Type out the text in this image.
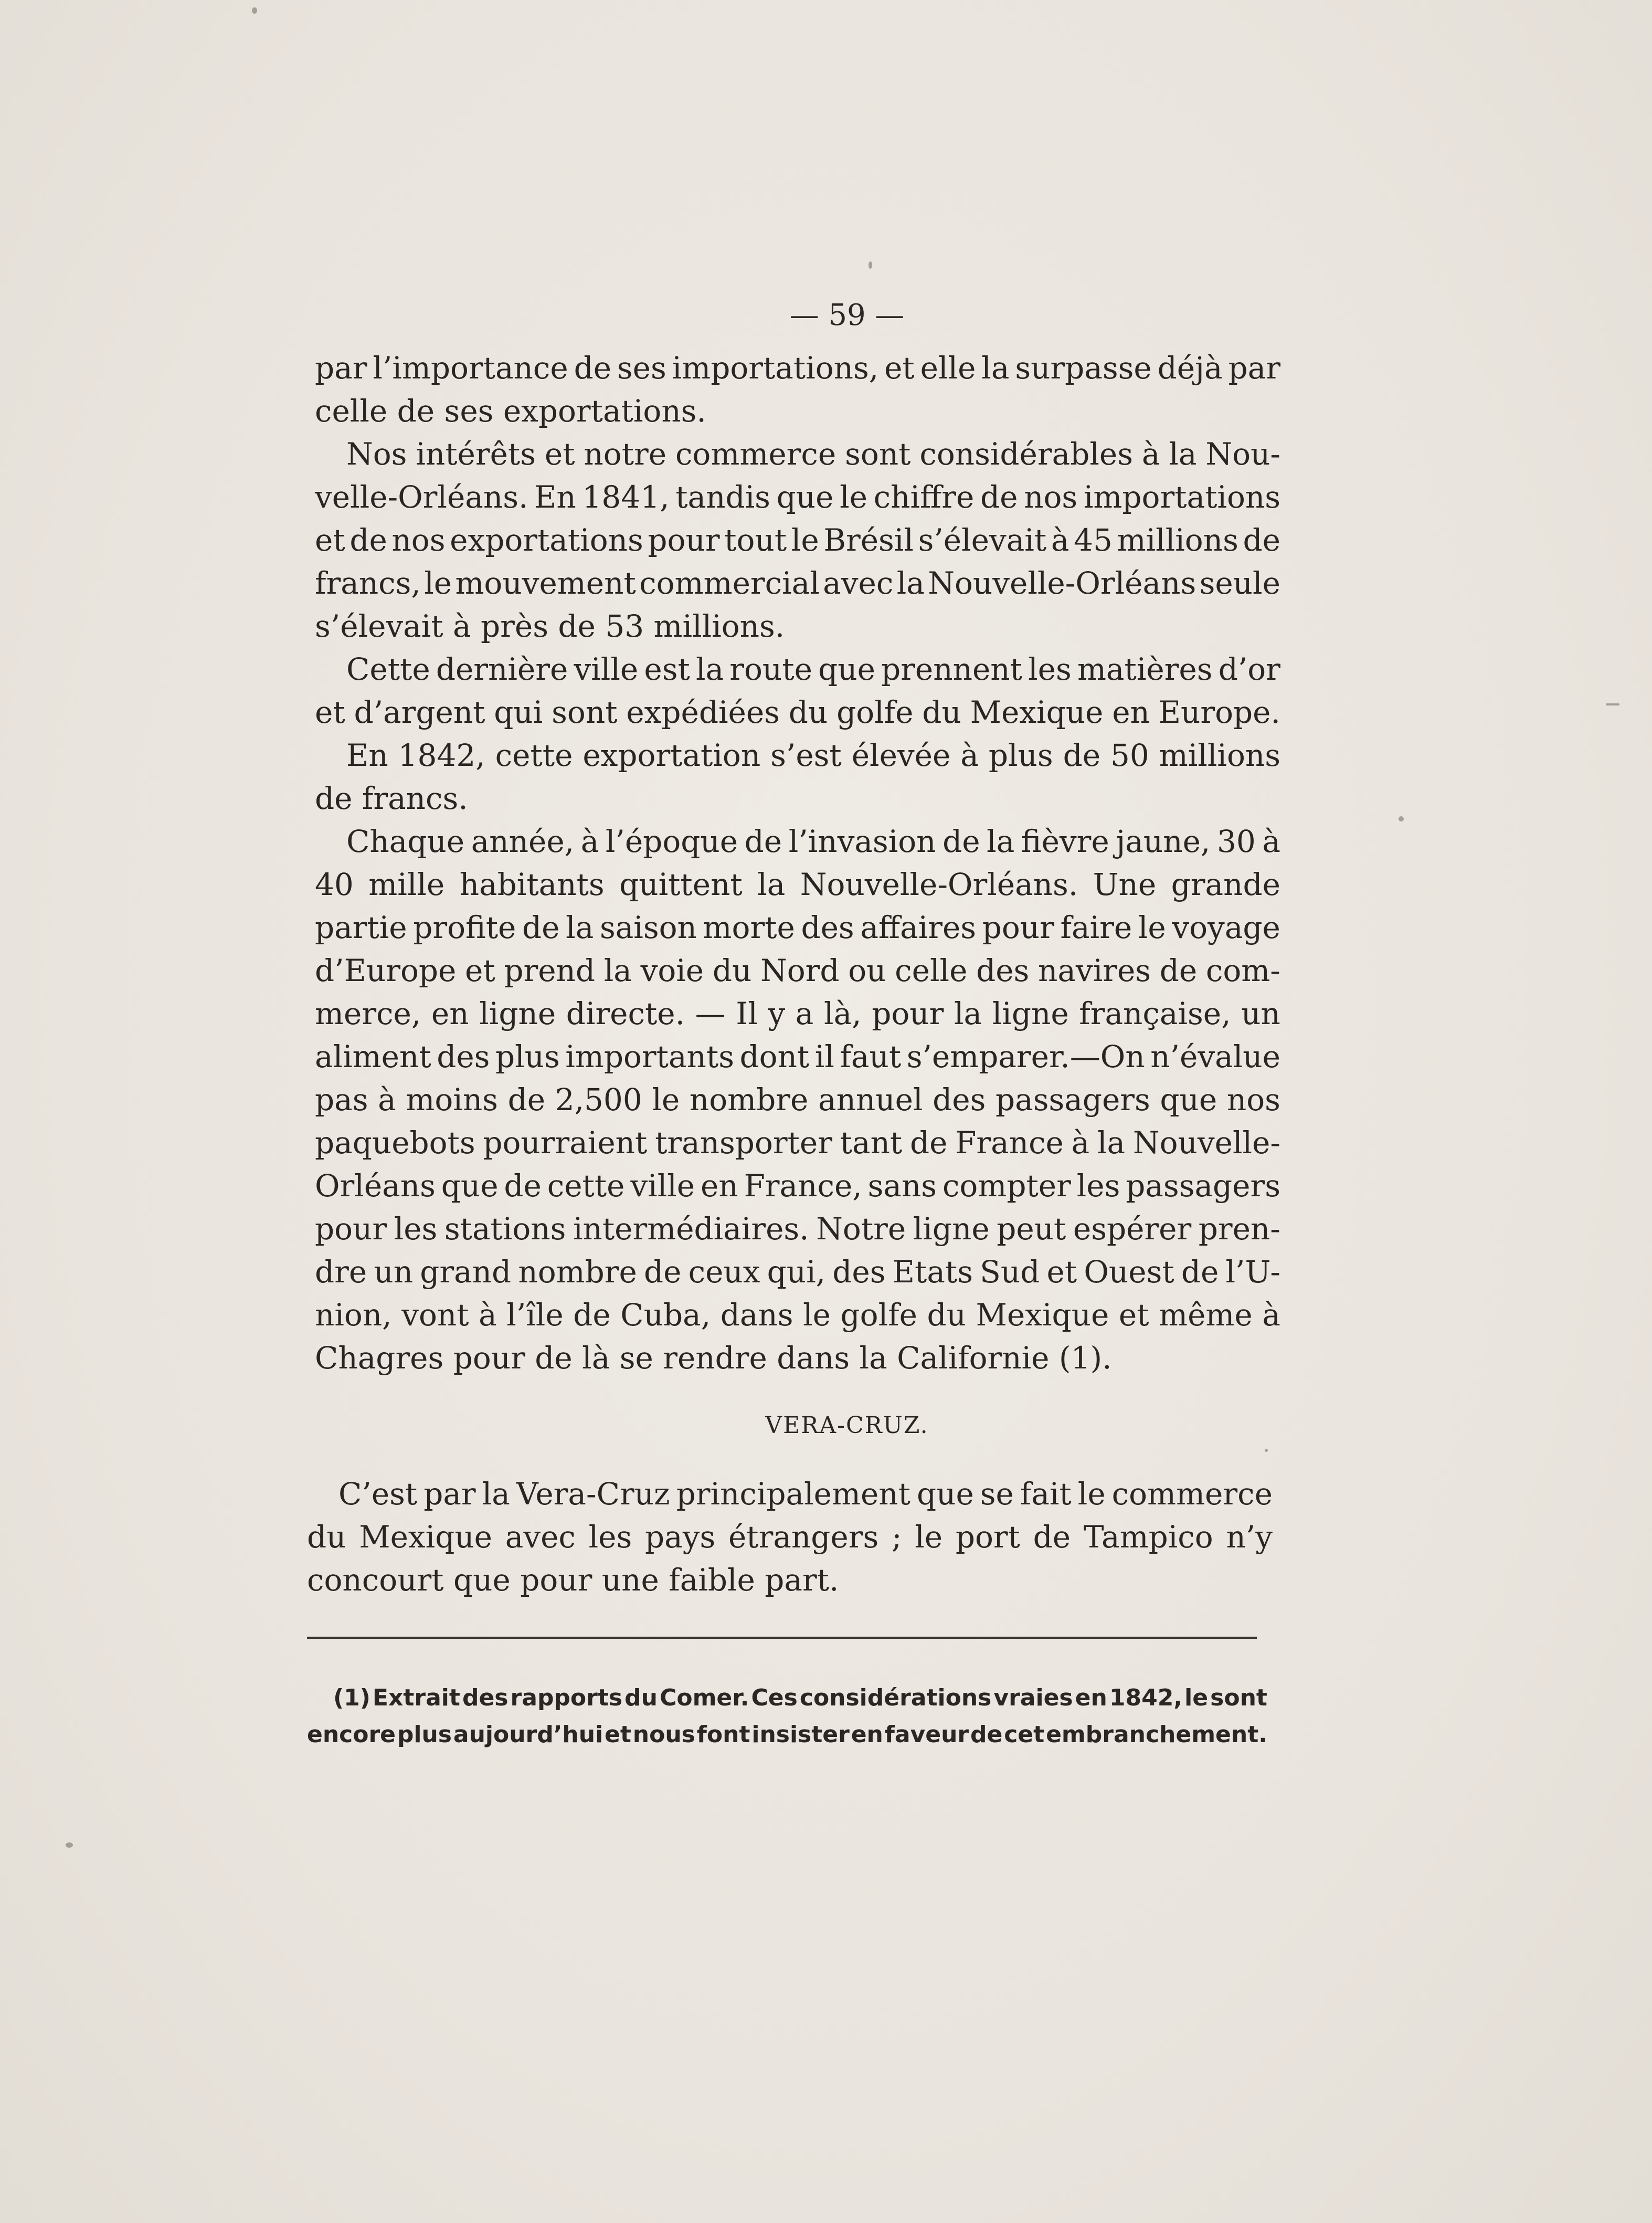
— 59 —
par l’importance de ses importations, et elle la surpasse déjà par
celle de ses exportations.
Nos intérêts et notre commerce sont considérables à la Nou-
velle-Orléans. En 1841, tandis que le chiffre de nos importations
et de nos exportations pour tout le Brésil s’élevait à 45 millions de
francs, le mouvement commercial avec la Nouvelle-Orléans seule
s’élevait à près de 53 millions.
Cette dernière ville est la route que prennent les matières d’or
et d’argent qui sont expédiées du golfe du Mexique en Europe.
En 1842, cette exportation s’est élevée à plus de 50 millions
de francs.
Chaque année, à l’époque de l’invasion de la fièvre jaune, 30 à
40 mille habitants quittent la Nouvelle-Orléans. Une grande
partie profite de la saison morte des affaires pour faire le voyage
d’Europe et prend la voie du Nord ou celle des navires de com-
merce, en ligne directe. — Il y a là, pour la ligne française, un
aliment des plus importants dont il faut s’emparer.—On n’évalue
pas à moins de 2,500 le nombre annuel des passagers que nos
paquebots pourraient transporter tant de France à la Nouvelle-
Orléans que de cette ville en France, sans compter les passagers
pour les stations intermédiaires. Notre ligne peut espérer pren-
dre un grand nombre de ceux qui, des Etats Sud et Ouest de l’U-
nion, vont à l’île de Cuba, dans le golfe du Mexique et même à
Chagres pour de là se rendre dans la Californie (1).
VERA-CRUZ.
C’est par la Vera-Cruz principalement que se fait le commerce
du Mexique avec les pays étrangers ; le port de Tampico n’y
concourt que pour une faible part.
(1) Extrait des rapports du Comer. Ces considérations vraies en 1842, le sont
encore plus aujourd’hui et nous font insister en faveur de cet embranchement.
